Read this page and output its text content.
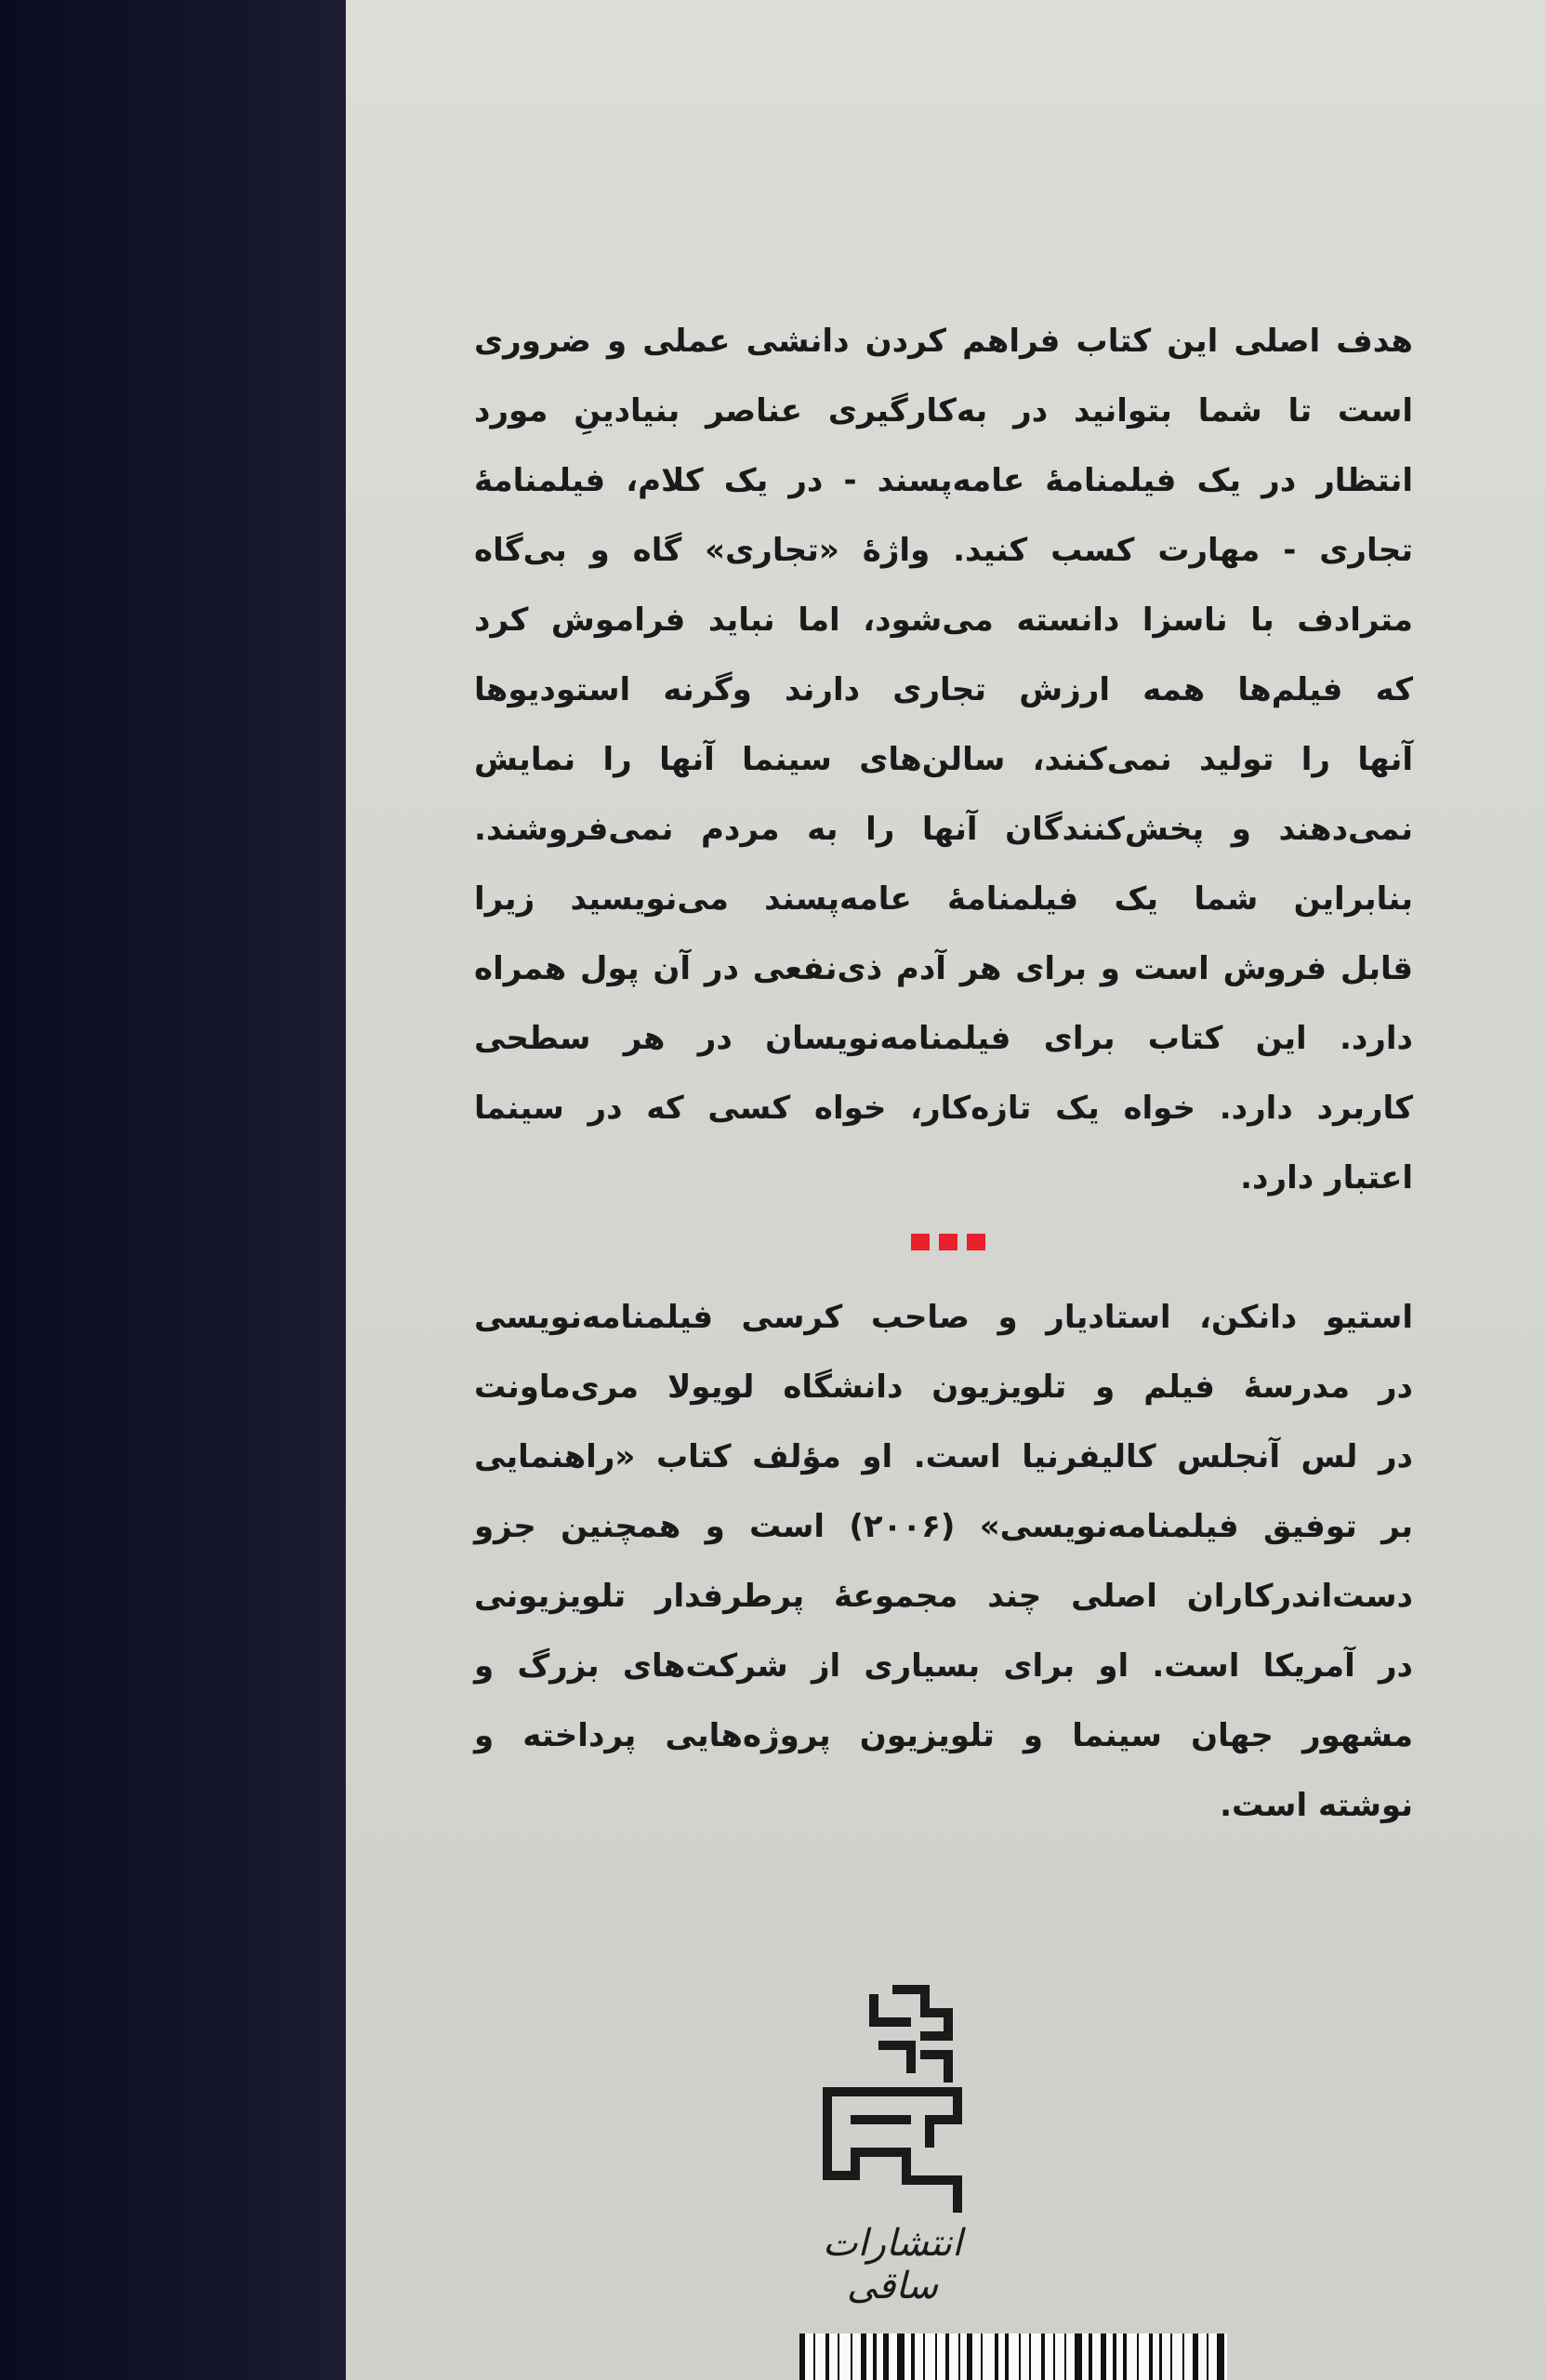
هدف اصلی این کتاب فراهم کردن دانشی عملی و ضروری
است تا شما بتوانید در به‌کارگیری عناصر بنیادینِ مورد
انتظار در یک فیلمنامهٔ عامه‌پسند - در یک کلام، فیلمنامهٔ
تجاری - مهارت کسب کنید. واژهٔ «تجاری» گاه و بی‌گاه
مترادف با ناسزا دانسته می‌شود، اما نباید فراموش کرد
که فیلم‌ها همه ارزش تجاری دارند وگرنه استودیوها
آنها را تولید نمی‌کنند، سالن‌های سینما آنها را نمایش
نمی‌دهند و پخش‌کنندگان آنها را به مردم نمی‌فروشند.
بنابراین شما یک فیلمنامهٔ عامه‌پسند می‌نویسید زیرا
قابل فروش است و برای هر آدم ذی‌نفعی در آن پول همراه
دارد. این کتاب برای فیلمنامه‌نویسان در هر سطحی
کاربرد دارد. خواه یک تازه‌کار، خواه کسی که در سینما
اعتبار دارد.
استیو دانکن، استادیار و صاحب کرسی فیلمنامه‌نویسی
در مدرسهٔ فیلم و تلویزیون دانشگاه لویولا مری‌ماونت
در لس آنجلس کالیفرنیا است. او مؤلف کتاب «راهنمایی
بر توفیق فیلمنامه‌نویسی» (۲۰۰۶) است و همچنین جزو
دست‌اندرکاران اصلی چند مجموعهٔ پرطرفدار تلویزیونی
در آمریکا است. او برای بسیاری از شرکت‌های بزرگ و
مشهور جهان سینما و تلویزیون پروژه‌هایی پرداخته و
نوشته است.
انتشارات ساقی
